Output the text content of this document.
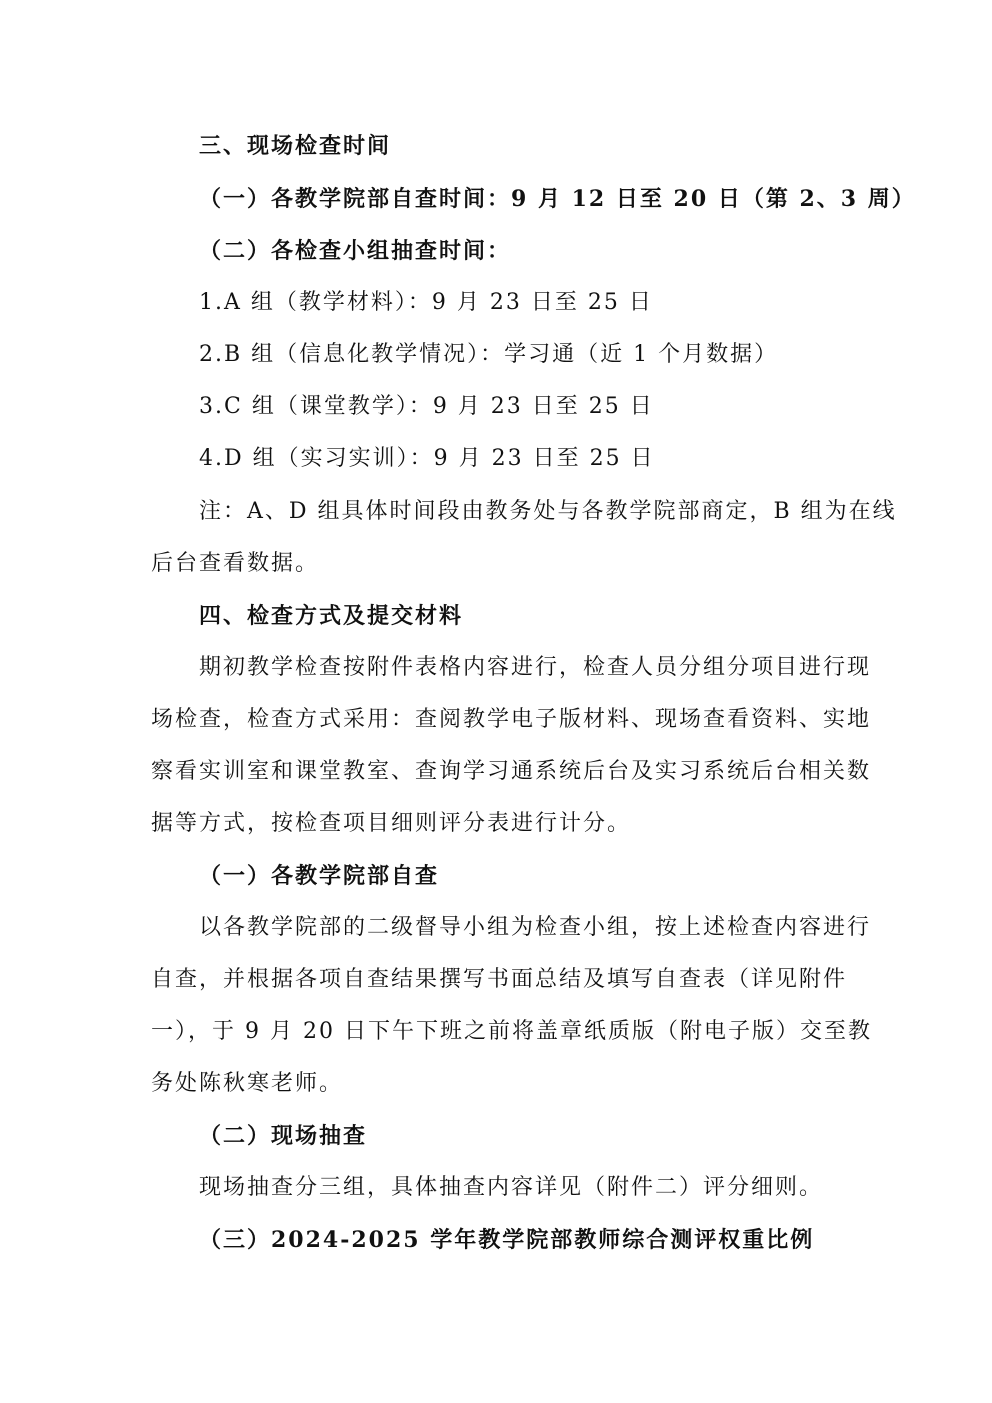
三、现场检查时间
（一）各教学院部自查时间：9 月 12 日至 20 日（第 2、3 周）
（二）各检查小组抽查时间：
1.A 组（教学材料）：9 月 23 日至 25 日
2.B 组（信息化教学情况）：学习通（近 1 个月数据）
3.C 组（课堂教学）：9 月 23 日至 25 日
4.D 组（实习实训）：9 月 23 日至 25 日
注：A、D 组具体时间段由教务处与各教学院部商定，B 组为在线
后台查看数据。
四、检查方式及提交材料
期初教学检查按附件表格内容进行，检查人员分组分项目进行现
场检查，检查方式采用：查阅教学电子版材料、现场查看资料、实地
察看实训室和课堂教室、查询学习通系统后台及实习系统后台相关数
据等方式，按检查项目细则评分表进行计分。
（一）各教学院部自查
以各教学院部的二级督导小组为检查小组，按上述检查内容进行
自查，并根据各项自查结果撰写书面总结及填写自查表（详见附件
一），于 9 月 20 日下午下班之前将盖章纸质版（附电子版）交至教
务处陈秋寒老师。
（二）现场抽查
现场抽查分三组，具体抽查内容详见（附件二）评分细则。
（三）2024-2025 学年教学院部教师综合测评权重比例
